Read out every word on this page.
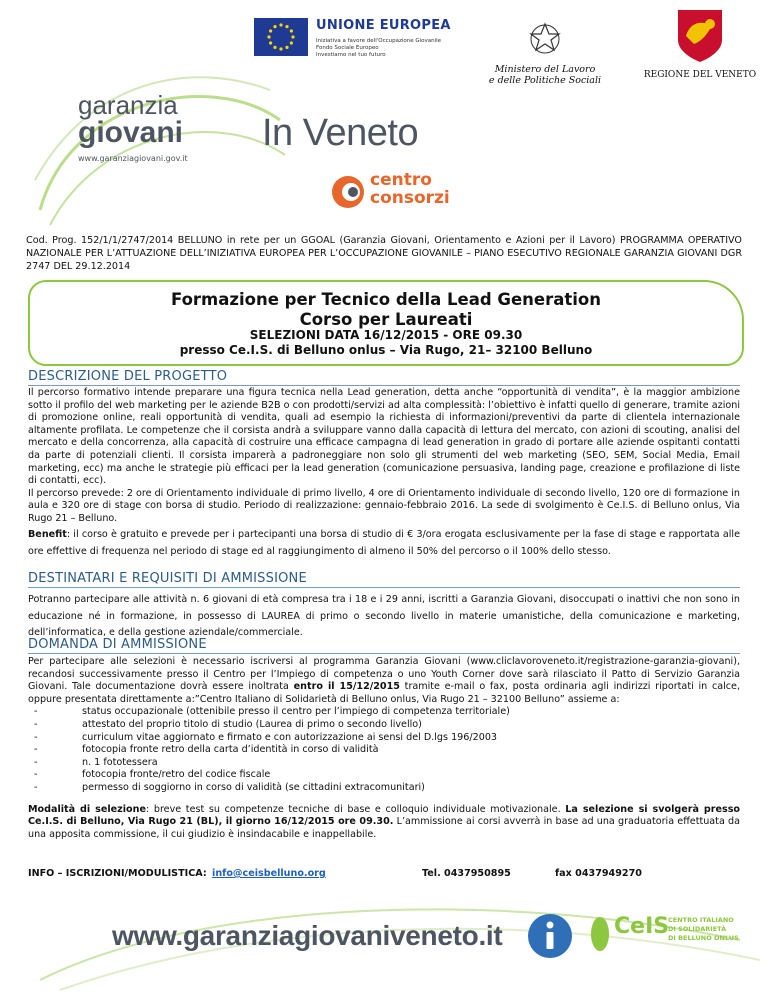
garanzia
giovani
www.garanziagiovani.gov.it
UNIONE EUROPEA
Iniziativa a favore dell'Occupazione Giovanile
Fondo Sociale Europeo
Investiamo nel tuo futuro
Ministero del Lavoro
e delle Politiche Sociali	REGIONE DEL VENETO
In Veneto
centro
consorzi
Cod. Prog. 152/1/1/2747/2014 BELLUNO in rete per un GGOAL (Garanzia Giovani, Orientamento e Azioni per il Lavoro) PROGRAMMA OPERATIVO NAZIONALE PER L’ATTUAZIONE DELL’INIZIATIVA EUROPEA PER L’OCCUPAZIONE GIOVANILE – PIANO ESECUTIVO REGIONALE GARANZIA GIOVANI DGR 2747 DEL 29.12.2014
Formazione per Tecnico della Lead Generation
Corso per Laureati
SELEZIONI DATA 16/12/2015 - ORE 09.30
presso Ce.I.S. di Belluno onlus – Via Rugo, 21– 32100 Belluno
DESCRIZIONE DEL PROGETTO
Il percorso formativo intende preparare una figura tecnica nella Lead generation, detta anche “opportunità di vendita”, è la maggior ambizione sotto il profilo del web marketing per le aziende B2B o con prodotti/servizi ad alta complessità: l’obiettivo è infatti quello di generare, tramite azioni di promozione online, reali opportunità di vendita, quali ad esempio la richiesta di informazioni/preventivi da parte di clientela internazionale altamente profilata. Le competenze che il corsista andrà a sviluppare vanno dalla capacità di lettura del mercato, con azioni di scouting, analisi del mercato e della concorrenza, alla capacità di costruire una efficace campagna di lead generation in grado di portare alle aziende ospitanti contatti da parte di potenziali clienti. Il corsista imparerà a padroneggiare non solo gli strumenti del web marketing (SEO, SEM, Social Media, Email marketing, ecc) ma anche le strategie più efficaci per la lead generation (comunicazione persuasiva, landing page, creazione e profilazione di liste di contatti, ecc).
Il percorso prevede: 2 ore di Orientamento individuale di primo livello, 4 ore di Orientamento individuale di secondo livello, 120 ore di formazione in aula e 320 ore di stage con borsa di studio. Periodo di realizzazione: gennaio-febbraio 2016. La sede di svolgimento è Ce.I.S. di Belluno onlus, Via Rugo 21 – Belluno.
Benefit: il corso è gratuito e prevede per i partecipanti una borsa di studio di € 3/ora erogata esclusivamente per la fase di stage e rapportata alle ore effettive di frequenza nel periodo di stage ed al raggiungimento di almeno il 50% del percorso o il 100% dello stesso.
DESTINATARI E REQUISITI DI AMMISSIONE
Potranno partecipare alle attività n. 6 giovani di età compresa tra i 18 e i 29 anni, iscritti a Garanzia Giovani, disoccupati o inattivi che non sono in educazione né in formazione, in possesso di LAUREA di primo o secondo livello in materie umanistiche, della comunicazione e marketing, dell’informatica, e della gestione aziendale/commerciale.
DOMANDA DI AMMISSIONE
Per partecipare alle selezioni è necessario iscriversi al programma Garanzia Giovani (www.cliclavoroveneto.it/registrazione-garanzia-giovani), recandosi successivamente presso il Centro per l’Impiego di competenza o uno Youth Corner dove sarà rilasciato il Patto di Servizio Garanzia Giovani. Tale documentazione dovrà essere inoltrata entro il 15/12/2015 tramite e-mail o fax, posta ordinaria agli indirizzi riportati in calce, oppure presentata direttamente a:”Centro Italiano di Solidarietà di Belluno onlus, Via Rugo 21 – 32100 Belluno” assieme a:
- status occupazionale (ottenibile presso il centro per l’impiego di competenza territoriale)
- attestato del proprio titolo di studio (Laurea di primo o secondo livello)
- curriculum vitae aggiornato e firmato e con autorizzazione ai sensi del D.lgs 196/2003
- fotocopia fronte retro della carta d’identità in corso di validità
- n. 1 fototessera
- fotocopia fronte/retro del codice fiscale
- permesso di soggiorno in corso di validità (se cittadini extracomunitari)
Modalità di selezione: breve test su competenze tecniche di base e colloquio individuale motivazionale. La selezione si svolgerà presso Ce.I.S. di Belluno, Via Rugo 21 (BL), il giorno 16/12/2015 ore 09.30. L’ammissione ai corsi avverrà in base ad una graduatoria effettuata da una apposita commissione, il cui giudizio è insindacabile e inappellabile.
INFO – ISCRIZIONI/MODULISTICA: info@ceisbelluno.org	Tel. 0437950895	fax 0437949270
www.garanziagiovaniveneto.it	CeIS
CENTRO ITALIANO
DI SOLIDARIETÀ
DI BELLUNO ONLUS
